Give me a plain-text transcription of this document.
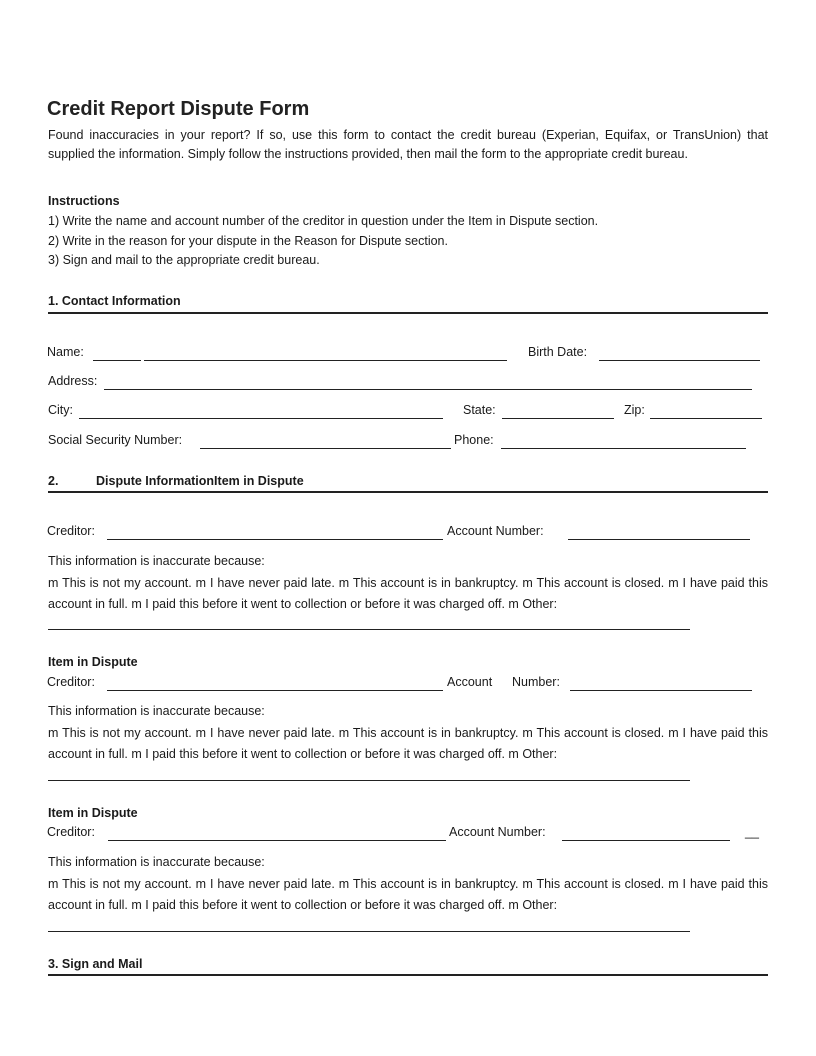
Credit Report Dispute Form

Found inaccuracies in your report? If so, use this form to contact the credit bureau (Experian, Equifax, or TransUnion) that supplied the information. Simply follow the instructions provided, then mail the form to the appropriate credit bureau.

Instructions
1) Write the name and account number of the creditor in question under the Item in Dispute section.
2) Write in the reason for your dispute in the Reason for Dispute section.
3) Sign and mail to the appropriate credit bureau.
1. Contact Information
Name:	Birth Date:
Address:
City:	State:	Zip:
Social Security Number:	Phone:
2.	Dispute InformationItem in Dispute
Creditor:	Account Number:
This information is inaccurate because:

m This is not my account. m I have never paid late. m This account is in bankruptcy. m This account is closed. m I have paid this account in full. m I paid this before it went to collection or before it was charged off. m Other:

Item in Dispute
Creditor:	Account Number:
This information is inaccurate because:

m This is not my account. m I have never paid late. m This account is in bankruptcy. m This account is closed. m I have paid this account in full. m I paid this before it went to collection or before it was charged off. m Other:

Item in Dispute
Creditor:	Account Number:	__
This information is inaccurate because:

m This is not my account. m I have never paid late. m This account is in bankruptcy. m This account is closed. m I have paid this account in full. m I paid this before it went to collection or before it was charged off. m Other:

3. Sign and Mail
